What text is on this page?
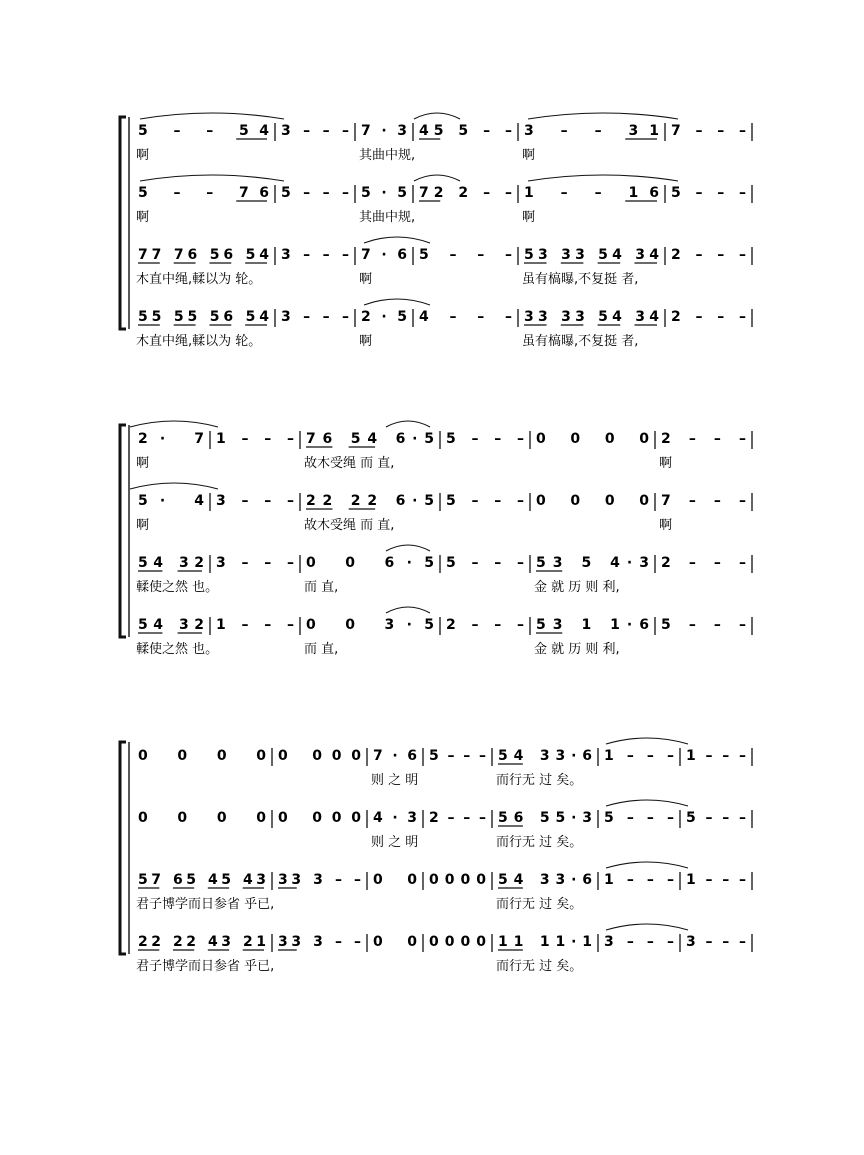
5 – – 54 3 – – – 7·3 45 5 – – 3 – – 31 7 – – –
啊	其曲中规,	啊
5 – – 76 5 – – – 5·5 72 2 – – 1 – – 16 5 – – –
啊	其曲中规,	啊
77 76 56 54 3 – – – 7·6 5 – – – 53 33 54 34 2 – – –
木直中绳,輮以为 轮。	啊	虽有槁曝,不复挺 者,
55 55 56 54 3 – – – 2·5 4 – – – 33 33 54 34 2 – – –
木直中绳,輮以为 轮。	啊	虽有槁曝,不复挺 者,
2· 7 1 – – – 76 54 6·5 5 – – – 0 0 0 0 2 – – –
啊	故木受绳 而 直,	啊
5· 4 3 – – – 22 22 6·5 5 – – – 0 0 0 0 7 – – –
啊	故木受绳 而 直,	啊
54 32 3 – – – 0 0 6·5 5 – – – 53 5 4·3 2 – – –
輮使之然 也。	而 直,	金 就 历 则 利,
54 32 1 – – – 0 0 3·5 2 – – – 53 1 1·6 5 – – –
輮使之然 也。	而 直,	金 就 历 则 利,
0 0 0 0 0 000 7·6 5 – – – 54 33·6 1 – – – 1 – – –
则 之 明	而行无 过 矣。
0 0 0 0 0 000 4·3 2 – – – 56 55·3 5 – – – 5 – – –
则 之 明	而行无 过 矣。
57 65 45 43 33 3 – – 0 0 0000 54 33·6 1 – – – 1 – – –
君子博学而日参省 乎已,	而行无 过 矣。
22 22 43 21 33 3 – – 0 0 0000 11 11·1 3 – – – 3 – – –
君子博学而日参省 乎已,	而行无 过 矣。
